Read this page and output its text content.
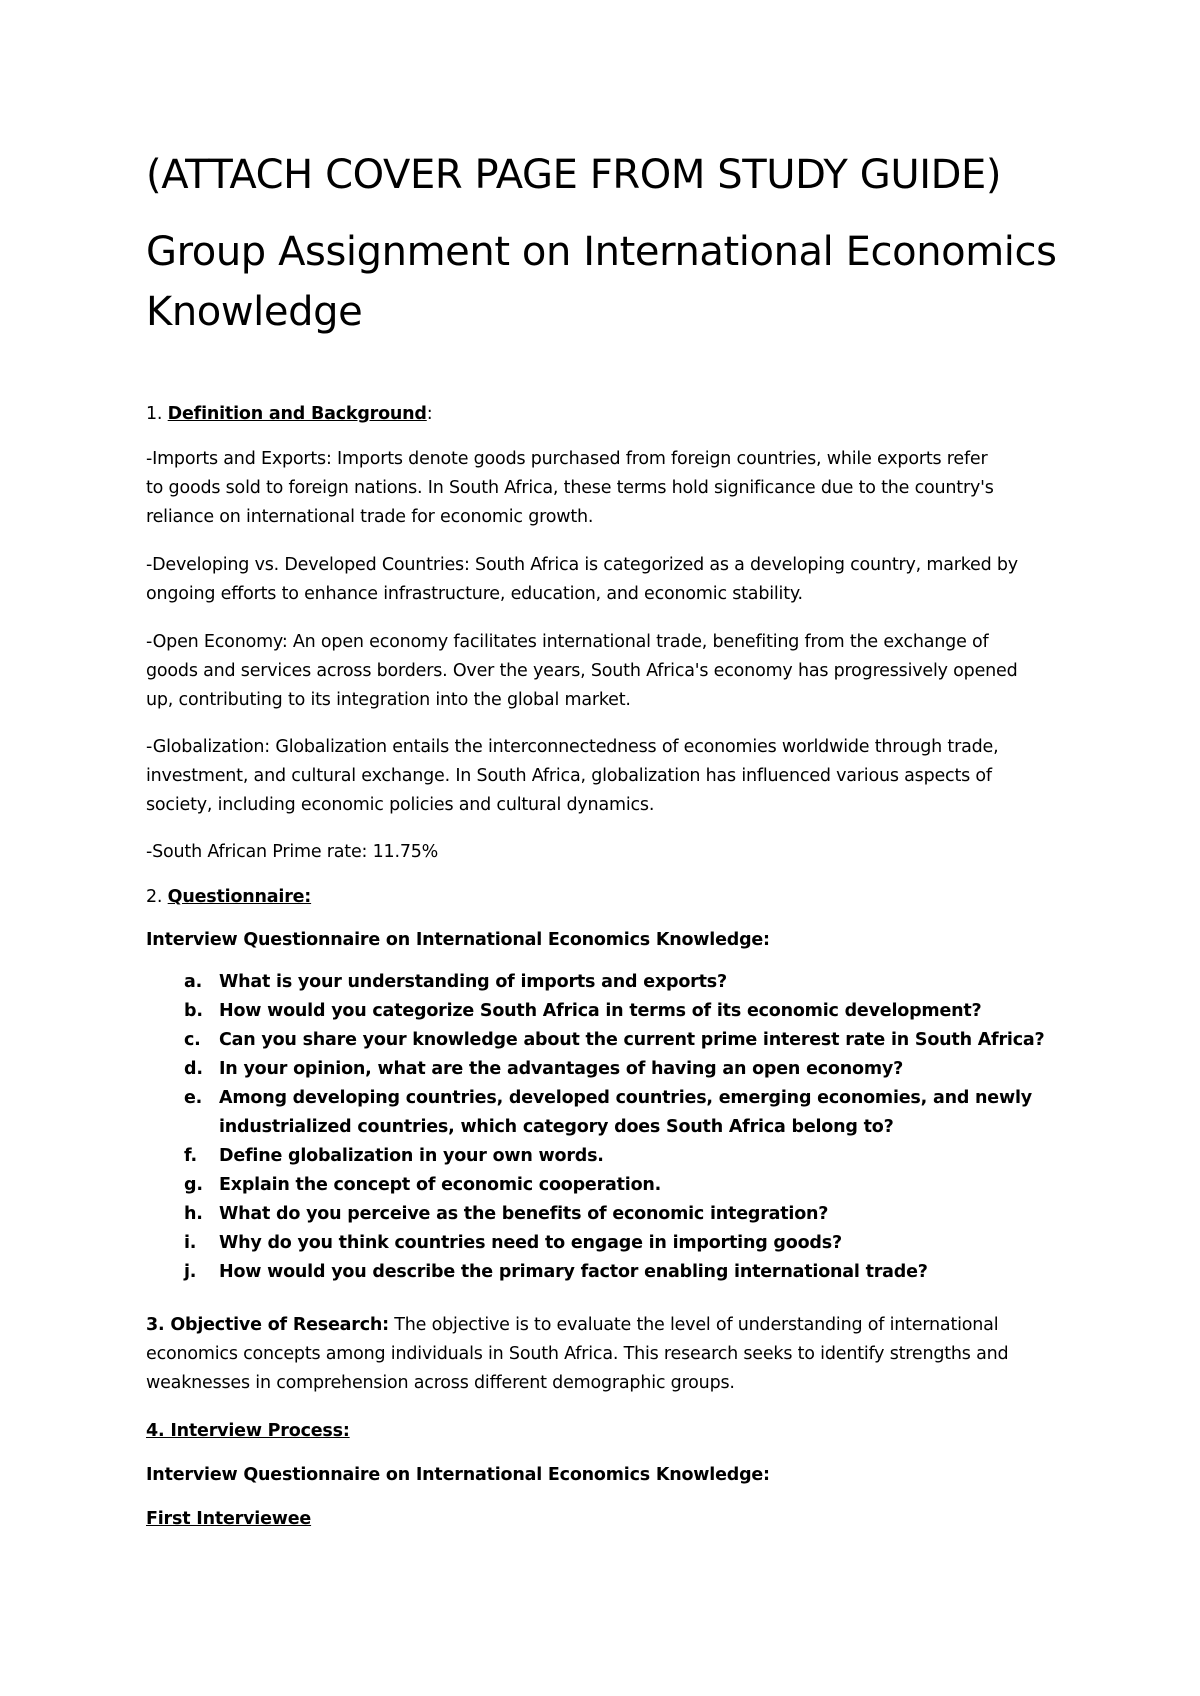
(ATTACH COVER PAGE FROM STUDY GUIDE)
Group Assignment on International Economics
Knowledge
1. Definition and Background:
-Imports and Exports: Imports denote goods purchased from foreign countries, while exports refer
to goods sold to foreign nations. In South Africa, these terms hold significance due to the country's
reliance on international trade for economic growth.
-Developing vs. Developed Countries: South Africa is categorized as a developing country, marked by
ongoing efforts to enhance infrastructure, education, and economic stability.
-Open Economy: An open economy facilitates international trade, benefiting from the exchange of
goods and services across borders. Over the years, South Africa's economy has progressively opened
up, contributing to its integration into the global market.
-Globalization: Globalization entails the interconnectedness of economies worldwide through trade,
investment, and cultural exchange. In South Africa, globalization has influenced various aspects of
society, including economic policies and cultural dynamics.
-South African Prime rate: 11.75%
2. Questionnaire:
Interview Questionnaire on International Economics Knowledge:
a. What is your understanding of imports and exports?
b. How would you categorize South Africa in terms of its economic development?
c. Can you share your knowledge about the current prime interest rate in South Africa?
d. In your opinion, what are the advantages of having an open economy?
e. Among developing countries, developed countries, emerging economies, and newly
industrialized countries, which category does South Africa belong to?
f. Define globalization in your own words.
g. Explain the concept of economic cooperation.
h. What do you perceive as the benefits of economic integration?
i. Why do you think countries need to engage in importing goods?
j. How would you describe the primary factor enabling international trade?
3. Objective of Research: The objective is to evaluate the level of understanding of international
economics concepts among individuals in South Africa. This research seeks to identify strengths and
weaknesses in comprehension across different demographic groups.
4. Interview Process:
Interview Questionnaire on International Economics Knowledge:
First Interviewee
